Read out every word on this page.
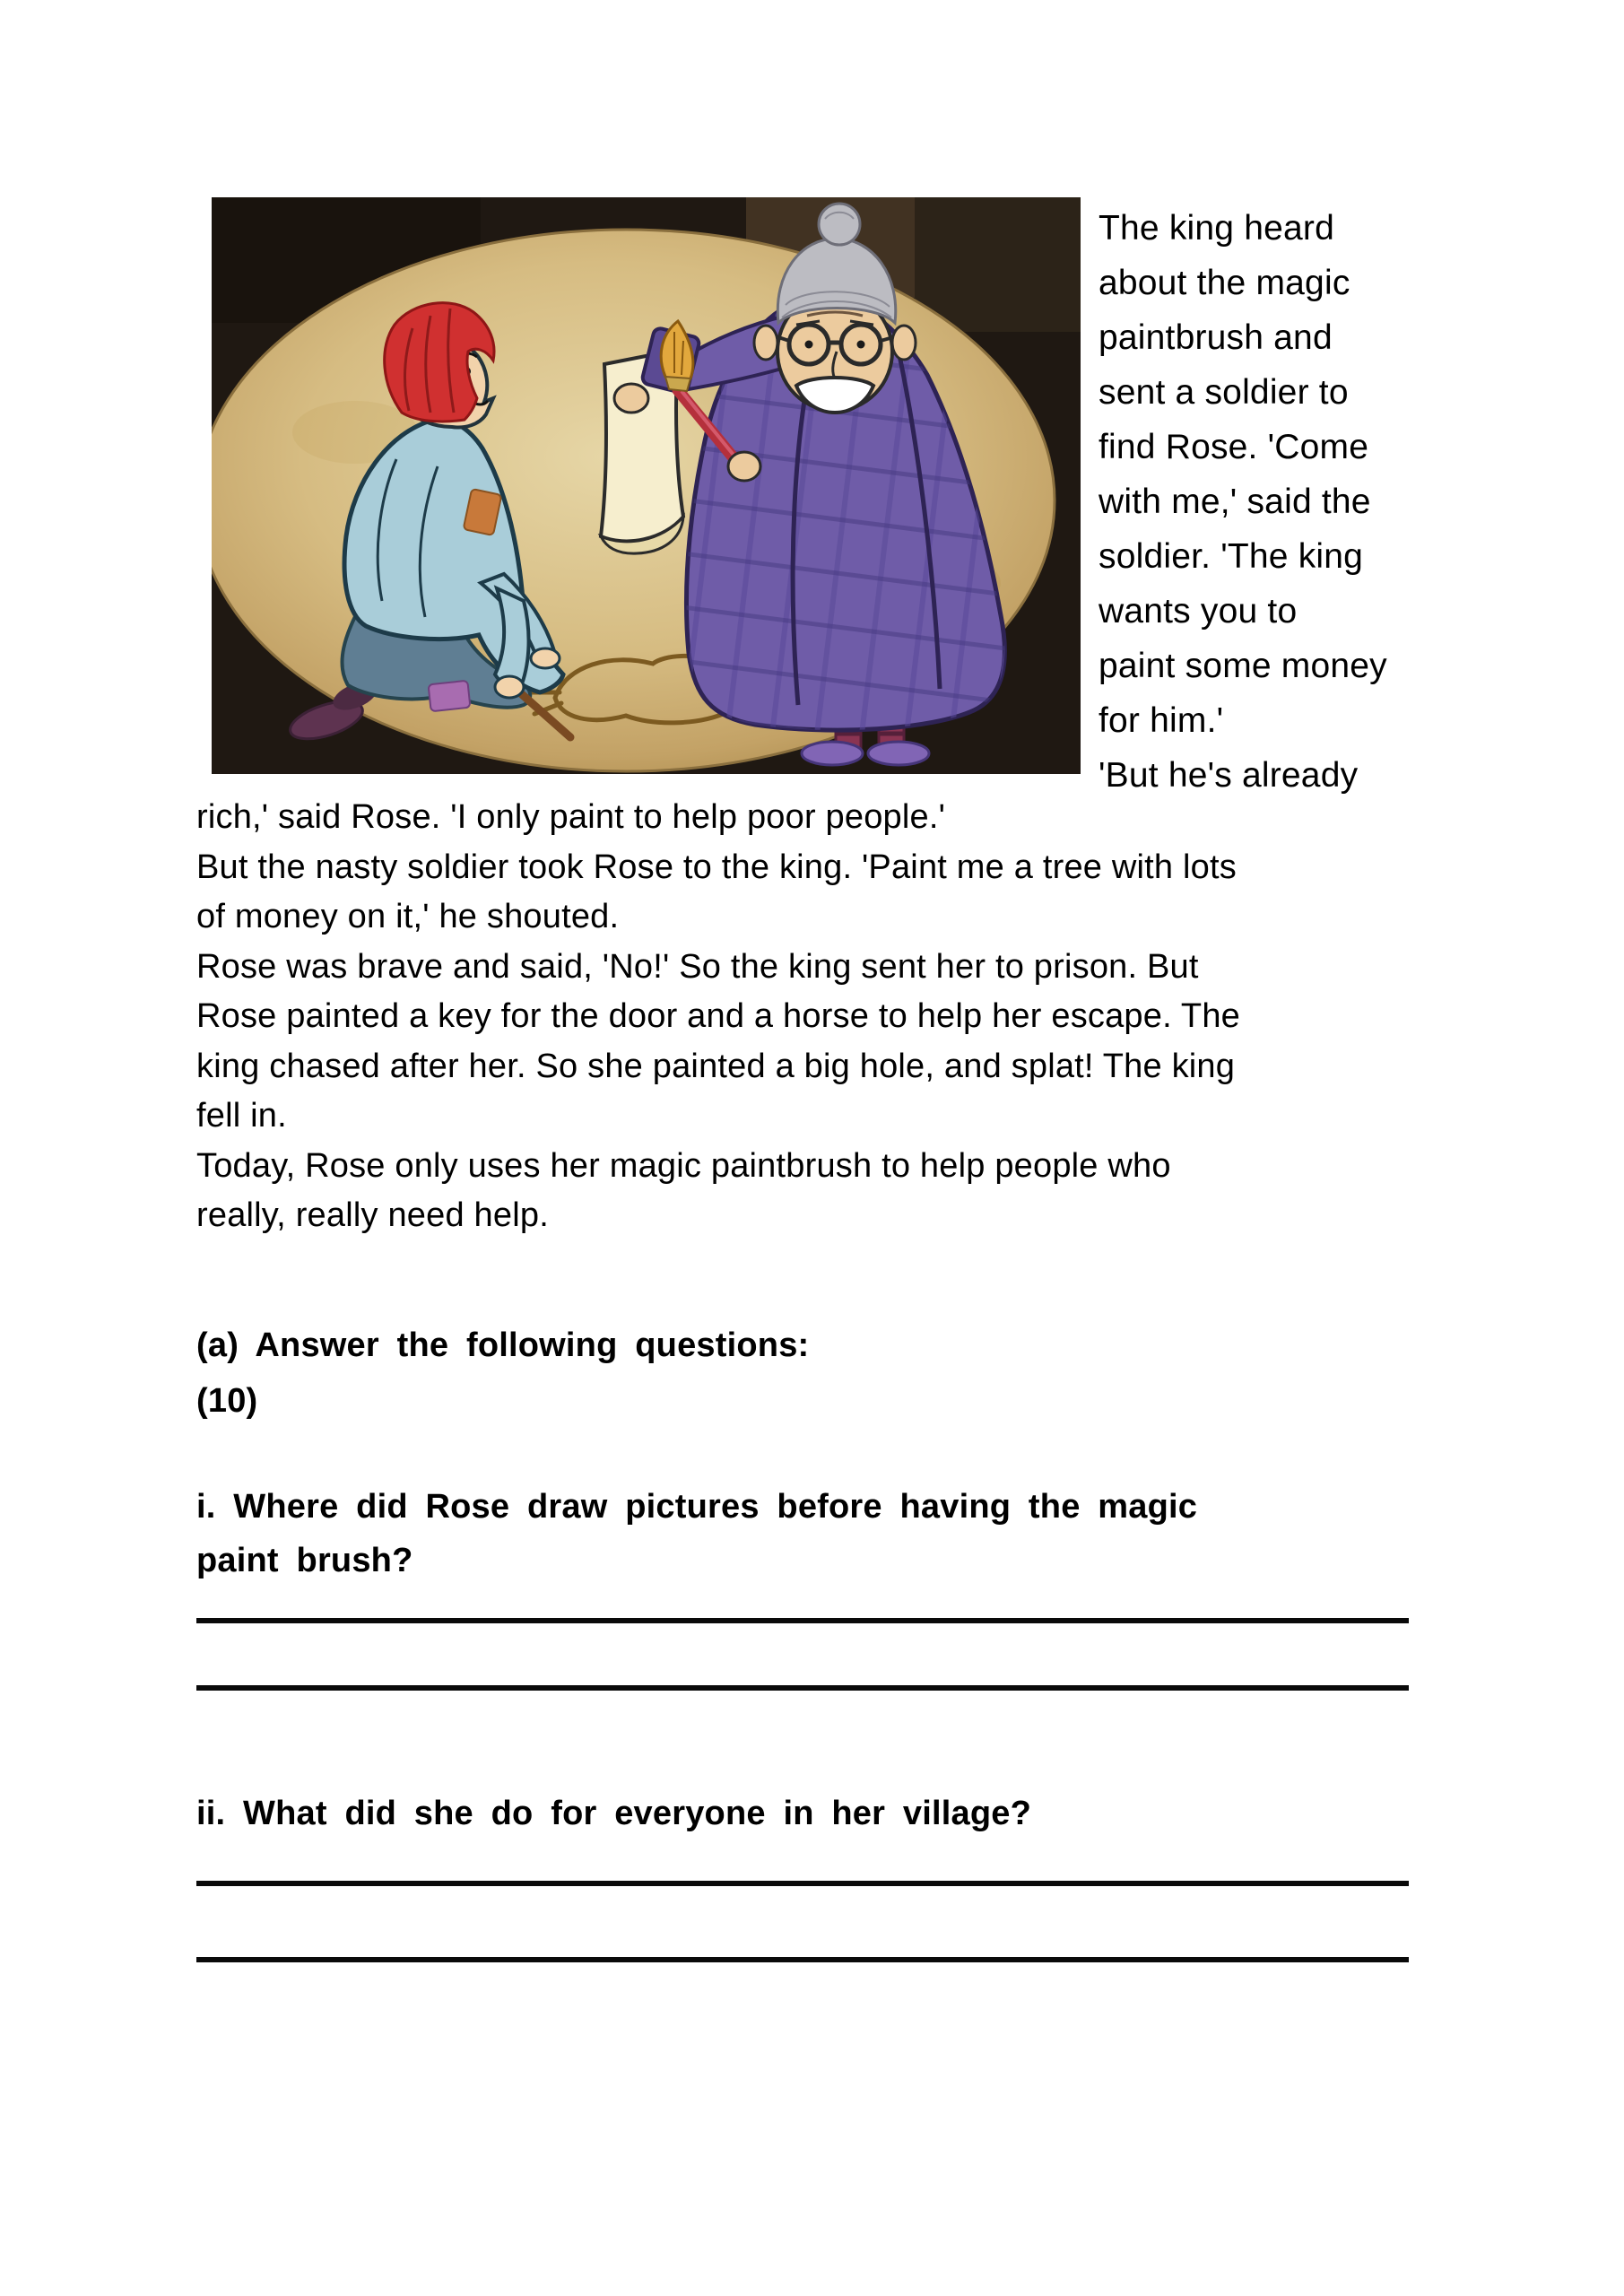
The king heard
about the magic
paintbrush and
sent a soldier to
find Rose. 'Come
with me,' said the
soldier. 'The king
wants you to
paint some money
for him.'
'But he's already
rich,' said Rose. 'I only paint to help poor people.'
But the nasty soldier took Rose to the king. 'Paint me a tree with lots
of money on it,' he shouted.
Rose was brave and said, 'No!' So the king sent her to prison. But
Rose painted a key for the door and a horse to help her escape. The
king chased after her. So she painted a big hole, and splat! The king
fell in.
Today, Rose only uses her magic paintbrush to help people who
really, really need help.
(a) Answer the following questions:
(10)
i. Where did Rose draw pictures before having the magic
paint brush?
ii. What did she do for everyone in her village?
